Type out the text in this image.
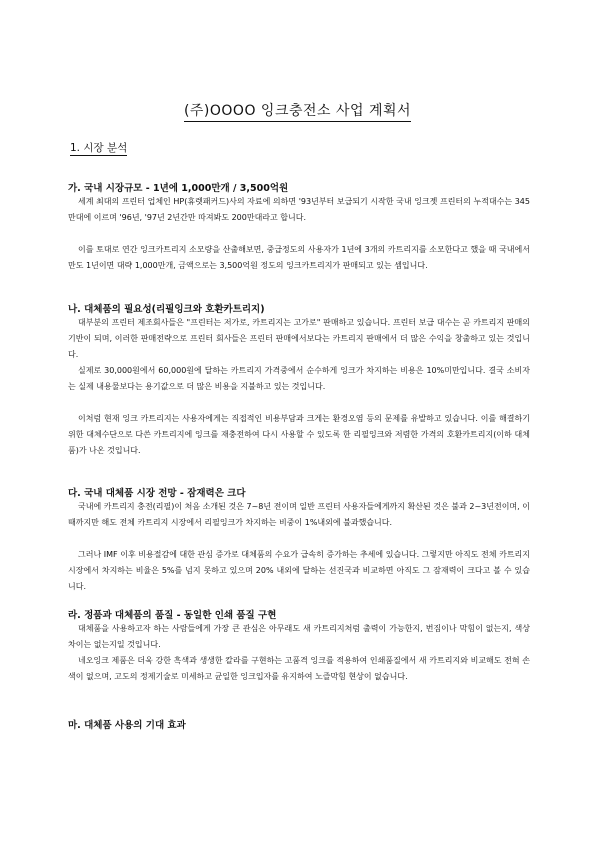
(주)OOOO 잉크충전소 사업 계획서
1. 시장 분석
가. 국내 시장규모 - 1년에 1,000만개 / 3,500억원

세계 최대의 프린터 업체인 HP(휴렛패커드)사의 자료에 의하면 '93년부터 보급되기 시작한 국내 잉크젯 프린터의 누적대수는 345만대에 이르며 '96년, '97년 2년간만 따져봐도 200만대라고 합니다.

이를 토대로 연간 잉크카트리지 소모량을 산출해보면, 중급정도의 사용자가 1년에 3개의 카트리지를 소모한다고 했을 때 국내에서만도 1년이면 대략 1,000만개, 금액으로는 3,500억원 정도의 잉크카트리지가 판매되고 있는 셈입니다.

나. 대체품의 필요성(리필잉크와 호환카트리지)

대부분의 프린터 제조회사들은 "프린터는 저가로, 카트리지는 고가로" 판매하고 있습니다. 프린터 보급 대수는 곧 카트리지 판매의 기반이 되며, 이러한 판매전략으로 프린터 회사들은 프린터 판매에서보다는 카트리지 판매에서 더 많은 수익을 창출하고 있는 것입니다.

실제로 30,000원에서 60,000원에 달하는 카트리지 가격중에서 순수하게 잉크가 차지하는 비용은 10%미만입니다. 결국 소비자는 실제 내용물보다는 용기값으로 더 많은 비용을 지불하고 있는 것입니다.

이처럼 현재 잉크 카트리지는 사용자에게는 직접적인 비용부담과 크게는 환경오염 등의 문제를 유발하고 있습니다. 이를 해결하기 위한 대체수단으로 다쓴 카트리지에 잉크를 재충전하여 다시 사용할 수 있도록 한 리필잉크와 저렴한 가격의 호환카트리지(이하 대체품)가 나온 것입니다.

다. 국내 대체품 시장 전망 - 잠재력은 크다

국내에 카트리지 충전(리필)이 처음 소개된 것은 7~8년 전이며 일반 프린터 사용자들에게까지 확산된 것은 불과 2~3년전이며, 이때까지만 해도 전체 카트리지 시장에서 리필잉크가 차지하는 비중이 1%내외에 불과했습니다.

그러나 IMF 이후 비용절감에 대한 관심 증가로 대체품의 수요가 급속히 증가하는 추세에 있습니다. 그렇지만 아직도 전체 카트리지 시장에서 차지하는 비율은 5%를 넘지 못하고 있으며 20% 내외에 달하는 선진국과 비교하면 아직도 그 잠재력이 크다고 볼 수 있습니다.

라. 정품과 대체품의 품질 - 동일한 인쇄 품질 구현

대체품을 사용하고자 하는 사람들에게 가장 큰 관심은 아무래도 새 카트리지처럼 출력이 가능한지, 번짐이나 막힘이 없는지, 색상 차이는 없는지일 것입니다.

네오잉크 제품은 더욱 강한 흑색과 생생한 칼라를 구현하는 고품격 잉크를 적용하여 인쇄품질에서 새 카트리지와 비교해도 전혀 손색이 없으며, 고도의 정제기술로 미세하고 균일한 잉크입자를 유지하여 노즐막힘 현상이 없습니다.

마. 대체품 사용의 기대 효과
